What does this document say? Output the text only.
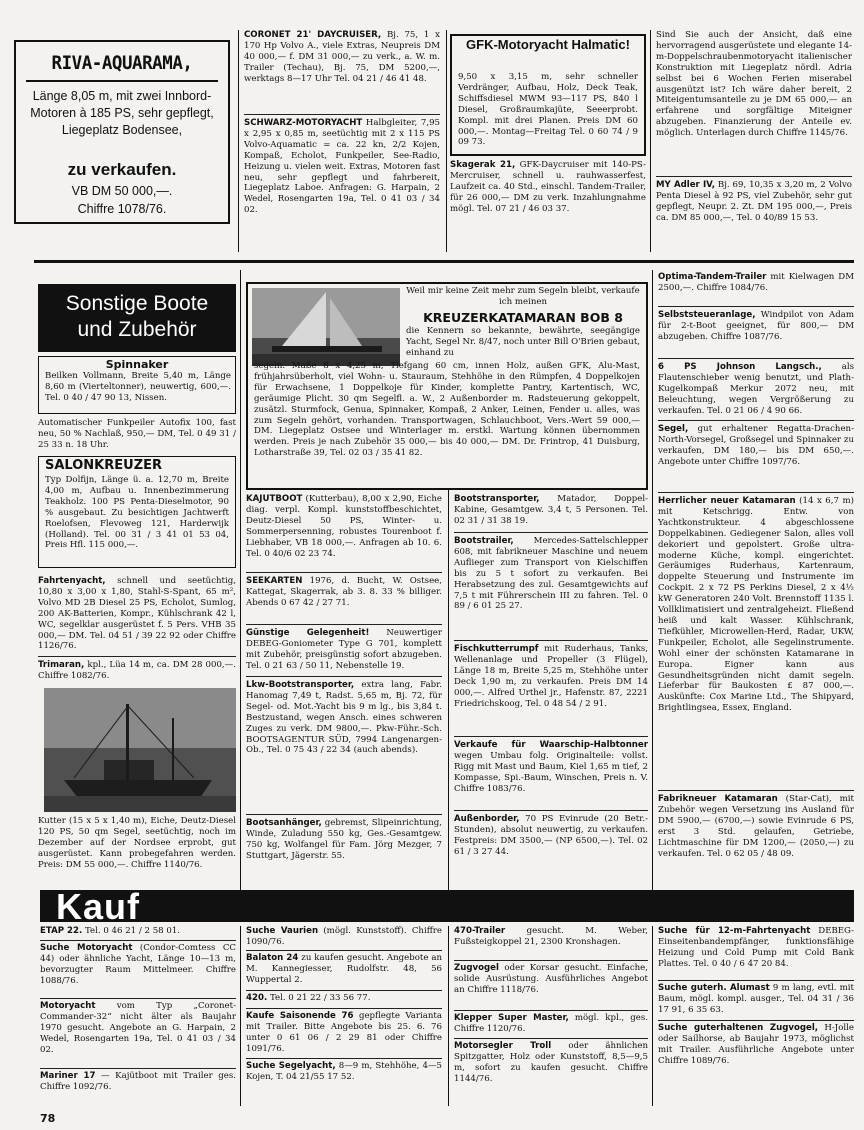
RIVA-AQUARAMA,
Länge 8,05 m, mit zwei Innbord-Motoren à 185 PS, sehr gepflegt, Liegeplatz Bodensee,
zu verkaufen.
VB DM 50 000,—.
Chiffre 1078/76.
CORONET 21' DAYCRUISER, Bj. 75, 1 x 170 Hp Volvo A., viele Extras, Neupreis DM 40 000,— f. DM 31 000,— zu verk., a. W. m. Trailer (Techau), Bj. 75, DM 5200,—, werktags 8—17 Uhr Tel. 04 21 / 46 41 48.
SCHWARZ-MOTORYACHT Halbgleiter, 7,95 x 2,95 x 0,85 m, seetüchtig mit 2 x 115 PS Volvo-Aquamatic = ca. 22 kn, 2/2 Kojen, Kompaß, Echolot, Funkpeiler, See-Radio, Heizung u. vielen weit. Extras, Motoren fast neu, sehr gepflegt und fahrbereit, Liegeplatz Laboe. Anfragen: G. Harpain, 2 Wedel, Rosengarten 19a, Tel. 0 41 03 / 34 02.
GFK-Motoryacht Halmatic!
9,50 x 3,15 m, sehr schneller Verdränger, Aufbau, Holz, Deck Teak, Schiffsdiesel MWM 93—117 PS, 840 l Diesel, Großraumkajüte, Seeerprobt. Kompl. mit drei Planen. Preis DM 60 000,—. Montag—Freitag Tel. 0 60 74 / 9 09 73.
Skagerak 21, GFK-Daycruiser mit 140-PS-Mercruiser, schnell u. rauhwasserfest, Laufzeit ca. 40 Std., einschl. Tandem-Trailer, für 26 000,— DM zu verk. Inzahlungnahme mögl. Tel. 07 21 / 46 03 37.
Sind Sie auch der Ansicht, daß eine hervorragend ausgerüstete und elegante 14-m-Doppelschraubenmotoryacht italienischer Konstruktion mit Liegeplatz nördl. Adria selbst bei 6 Wochen Ferien miserabel ausgenützt ist? Ich wäre daher bereit, 2 Miteigentumsanteile zu je DM 65 000,— an erfahrene und sorgfältige Miteigner abzugeben. Finanzierung der Anteile ev. möglich. Unterlagen durch Chiffre 1145/76.
MY Adler IV, Bj. 69, 10,35 x 3,20 m, 2 Volvo Penta Diesel à 92 PS, viel Zubehör, sehr gut gepflegt, Neupr. 2. Zt. DM 195 000,—, Preis ca. DM 85 000,—, Tel. 0 40/89 15 53.
Sonstige Boote
und Zubehör
Spinnaker
Beilken Vollmann, Breite 5,40 m, Länge 8,60 m (Vierteltonner), neuwertig, 600,—. Tel. 0 40 / 47 90 13, Nissen.
Automatischer Funkpeiler Autofix 100, fast neu, 50 % Nachlaß, 950,— DM, Tel. 0 49 31 / 25 33 n. 18 Uhr.
SALONKREUZER
Typ Dolfijn, Länge ü. a. 12,70 m, Breite 4,00 m, Aufbau u. Innenbezimmerung Teakholz. 100 PS Penta-Dieselmotor, 90 % ausgebaut. Zu besichtigen Jachtwerft Roelofsen, Flevoweg 121, Harderwijk (Holland). Tel. 00 31 / 3 41 01 53 04, Preis Hfl. 115 000,—.
Fahrtenyacht, schnell und seetüchtig, 10,80 x 3,00 x 1,80, Stahl-S-Spant, 65 m², Volvo MD 2B Diesel 25 PS, Echolot, Sumlog, 200 AK-Batterien, Kompr., Kühlschrank 42 l, WC, segelklar ausgerüstet f. 5 Pers. VHB 35 000,— DM. Tel. 04 51 / 39 22 92 oder Chiffre 1126/76.
Trimaran, kpl., Lüa 14 m, ca. DM 28 000,—. Chiffre 1082/76.
Kutter (15 x 5 x 1,40 m), Eiche, Deutz-Diesel 120 PS, 50 qm Segel, seetüchtig, noch im Dezember auf der Nordsee erprobt, gut ausgerüstet. Kann probegefahren werden. Preis: DM 55 000,—. Chiffre 1140/76.
Weil mir keine Zeit mehr zum Segeln bleibt, verkaufe ich meinen
KREUZERKATAMARAN BOB 8
die Kennern so bekannte, bewährte, seegängige Yacht, Segel Nr. 8/47, noch unter Bill O'Brien gebaut, einhand zu
segeln. Maße 8 x 4,25 m, Tiefgang 60 cm, innen Holz, außen GFK, Alu-Mast, frühjahrsüberholt, viel Wohn- u. Stauraum, Stehhöhe in den Rümpfen, 4 Doppelkojen für Erwachsene, 1 Doppelkoje für Kinder, komplette Pantry, Kartentisch, WC, geräumige Plicht. 30 qm Segelfl. a. W., 2 Außenborder m. Radsteuerung gekoppelt, zusätzl. Sturmfock, Genua, Spinnaker, Kompaß, 2 Anker, Leinen, Fender u. alles, was zum Segeln gehört, vorhanden. Transportwagen, Schlauchboot, Vers.-Wert 59 000,— DM. Liegeplatz Ostsee und Winterlager m. erstkl. Wartung können übernommen werden. Preis je nach Zubehör 35 000,— bis 40 000,— DM. Dr. Frintrop, 41 Duisburg, Lotharstraße 39, Tel. 02 03 / 35 41 82.
KAJÜTBOOT (Kutterbau), 8,00 x 2,90, Eiche diag. verpl. Kompl. kunststoffbeschichtet, Deutz-Diesel 50 PS, Winter- u. Sommerpersenning, robustes Tourenboot f. Liebhaber, VB 18 000,—. Anfragen ab 10. 6. Tel. 0 40/6 02 23 74.
SEEKARTEN 1976, d. Bucht, W. Ostsee, Kattegat, Skagerrak, ab 3. 8. 33 % billiger. Abends 0 67 42 / 27 71.
Günstige Gelegenheit! Neuwertiger DEBEG-Goniometer Type G 701, komplett mit Zubehör, preisgünstig sofort abzugeben. Tel. 0 21 63 / 50 11, Nebenstelle 19.
Lkw-Bootstransporter, extra lang, Fabr. Hanomag 7,49 t, Radst. 5,65 m, Bj. 72, für Segel- od. Mot.-Yacht bis 9 m lg., bis 3,84 t. Bestzustand, wegen Ansch. eines schweren Zuges zu verk. DM 9800,—. Pkw-Führ.-Sch. BOOTSAGENTUR SÜD, 7994 Langenargen-Ob., Tel. 0 75 43 / 22 34 (auch abends).
Bootsanhänger, gebremst, Slipeinrichtung, Winde, Zuladung 550 kg, Ges.-Gesamtgew. 750 kg, Wolfangel für Fam. Jörg Mezger, 7 Stuttgart, Jägerstr. 55.
Bootstransporter, Matador, Doppel-Kabine, Gesamtgew. 3,4 t, 5 Personen. Tel. 02 31 / 31 38 19.
Bootstrailer, Mercedes-Sattelschlepper 608, mit fabrikneuer Maschine und neuem Auflieger zum Transport von Kielschiffen bis zu 5 t sofort zu verkaufen. Bei Herabsetzung des zul. Gesamtgewichts auf 7,5 t mit Führerschein III zu fahren. Tel. 0 89 / 6 01 25 27.
Fischkutterrumpf mit Ruderhaus, Tanks, Wellenanlage und Propeller (3 Flügel), Länge 18 m, Breite 5,25 m, Stehhöhe unter Deck 1,90 m, zu verkaufen. Preis DM 14 000,—. Alfred Urthel jr., Hafenstr. 87, 2221 Friedrichskoog, Tel. 0 48 54 / 2 91.
Verkaufe für Waarschip-Halbtonner wegen Umbau folg. Originalteile: vollst. Rigg mit Mast und Baum, Kiel 1,65 m tief, 2 Kompasse, Spi.-Baum, Winschen, Preis n. V. Chiffre 1083/76.
Außenborder, 70 PS Evinrude (20 Betr.-Stunden), absolut neuwertig, zu verkaufen. Festpreis: DM 3500,— (NP 6500,—). Tel. 02 61 / 3 27 44.
Optima-Tandem-Trailer mit Kielwagen DM 2500,—. Chiffre 1084/76.
Selbststeueranlage, Windpilot von Adam für 2-t-Boot geeignet, für 800,— DM abzugeben. Chiffre 1087/76.
6 PS Johnson Langsch., als Flautenschieber wenig benutzt, und Plath-Kugelkompaß Merkur 2072 neu, mit Beleuchtung, wegen Vergrößerung zu verkaufen. Tel. 0 21 06 / 4 90 66.
Segel, gut erhaltener Regatta-Drachen-North-Vorsegel, Großsegel und Spinnaker zu verkaufen, DM 180,— bis DM 650,—. Angebote unter Chiffre 1097/76.
Herrlicher neuer Katamaran (14 x 6,7 m) mit Ketschrigg. Entw. von Yachtkonstrukteur. 4 abgeschlossene Doppelkabinen. Gediegener Salon, alles voll dekoriert und gepolstert. Große ultra-moderne Küche, kompl. eingerichtet. Geräumiges Ruderhaus, Kartenraum, doppelte Steuerung und Instrumente im Cockpit. 2 x 72 PS Perkins Diesel, 2 x 4½ kW Generatoren 240 Volt. Brennstoff 1135 l. Vollklimatisiert und zentralgeheizt. Fließend heiß und kalt Wasser. Kühlschrank, Tiefkühler, Microwellen-Herd, Radar, UKW, Funkpeiler, Echolot, alle Segelinstrumente. Wohl einer der schönsten Katamarane in Europa. Eigner kann aus Gesundheitsgründen nicht damit segeln. Lieferbar für Baukosten £ 87 000,—. Auskünfte: Cox Marine Ltd., The Shipyard, Brightlingsea, Essex, England.
Fabrikneuer Katamaran (Star-Cat), mit Zubehör wegen Versetzung ins Ausland für DM 5900,— (6700,—) sowie Evinrude 6 PS, erst 3 Std. gelaufen, Getriebe, Lichtmaschine für DM 1200,— (2050,—) zu verkaufen. Tel. 0 62 05 / 48 09.
Kauf
ETAP 22. Tel. 0 46 21 / 2 58 01.
Suche Motoryacht (Condor-Comtess CC 44) oder ähnliche Yacht, Länge 10—13 m, bevorzugter Raum Mittelmeer. Chiffre 1088/76.
Motoryacht vom Typ „Coronet-Commander-32“ nicht älter als Baujahr 1970 gesucht. Angebote an G. Harpain, 2 Wedel, Rosengarten 19a, Tel. 0 41 03 / 34 02.
Mariner 17 — Kajütboot mit Trailer ges. Chiffre 1092/76.
Suche Vaurien (mögl. Kunststoff). Chiffre 1090/76.
Balaton 24 zu kaufen gesucht. Angebote an M. Kannegiesser, Rudolfstr. 48, 56 Wuppertal 2.
420. Tel. 0 21 22 / 33 56 77.
Kaufe Saisonende 76 gepflegte Varianta mit Trailer. Bitte Angebote bis 25. 6. 76 unter 0 61 06 / 2 29 81 oder Chiffre 1091/76.
Suche Segelyacht, 8—9 m, Stehhöhe, 4—5 Kojen, T. 04 21/55 17 52.
470-Trailer gesucht. M. Weber, Fußsteigkoppel 21, 2300 Kronshagen.
Zugvogel oder Korsar gesucht. Einfache, solide Ausrüstung. Ausführliches Angebot an Chiffre 1118/76.
Klepper Super Master, mögl. kpl., ges. Chiffre 1120/76.
Motorsegler Troll oder ähnlichen Spitzgatter, Holz oder Kunststoff, 8,5—9,5 m, sofort zu kaufen gesucht. Chiffre 1144/76.
Suche für 12-m-Fahrtenyacht DEBEG-Einseitenbandempfänger, funktionsfähige Heizung und Cold Pump mit Cold Bank Plattes. Tel. 0 40 / 6 47 20 84.
Suche guterh. Alumast 9 m lang, evtl. mit Baum, mögl. kompl. ausger., Tel. 04 31 / 36 17 91, 6 35 63.
Suche guterhaltenen Zugvogel, H-Jolle oder Saílhorse, ab Baujahr 1973, möglichst mit Trailer. Ausführliche Angebote unter Chiffre 1089/76.
78
